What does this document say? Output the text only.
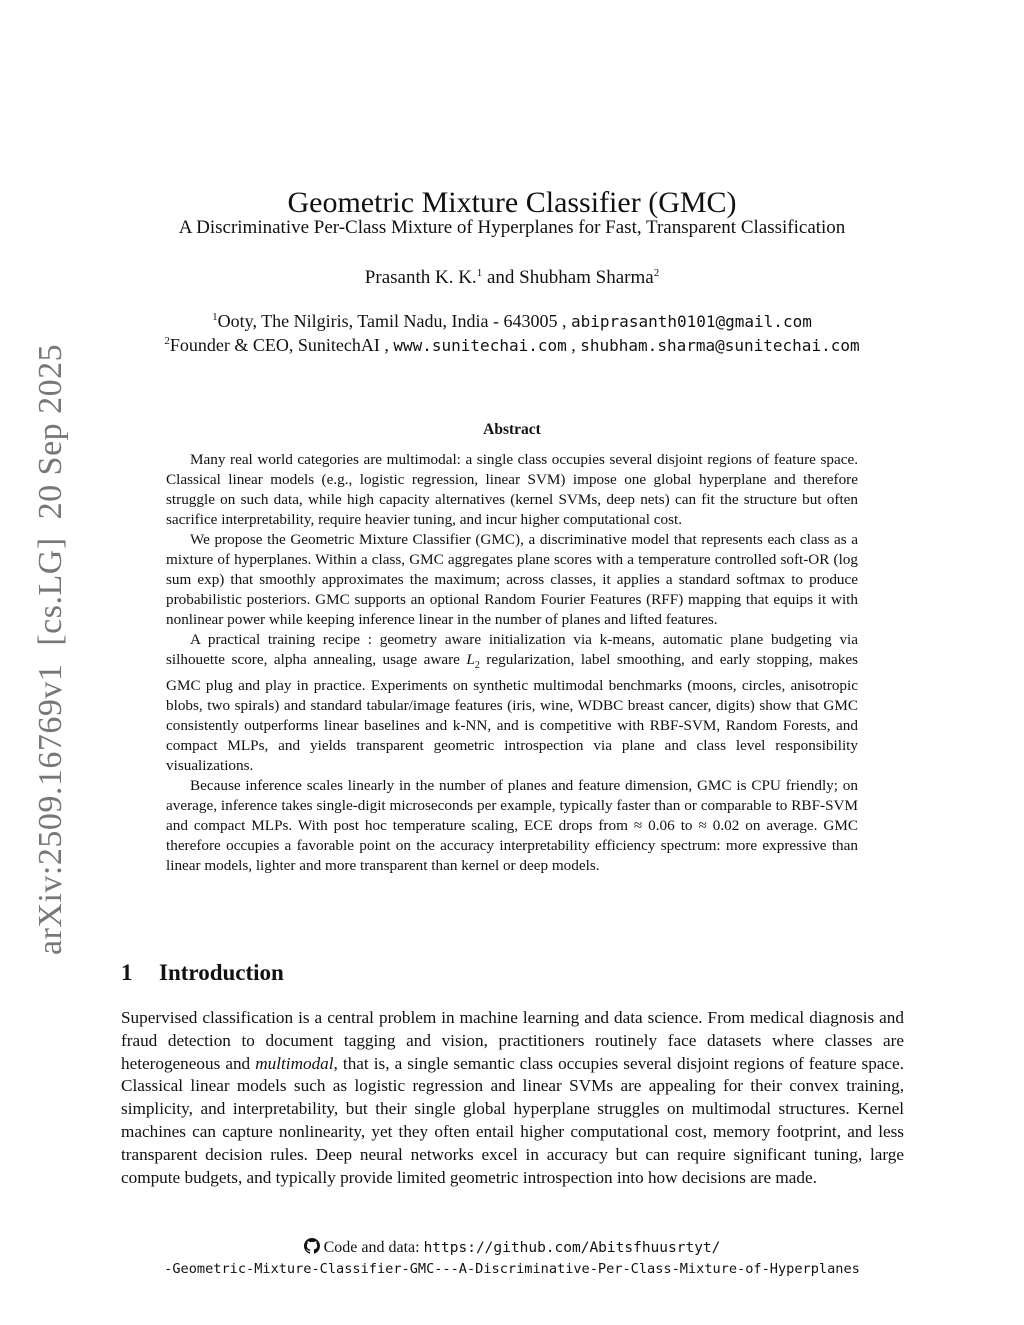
arXiv:2509.16769v1[cs.LG]20 Sep 2025
Geometric Mixture Classifier (GMC)
A Discriminative Per-Class Mixture of Hyperplanes for Fast, Transparent Classification
Prasanth K. K.$^1$ and Shubham Sharma$^2$
$^1$Ooty, The Nilgiris, Tamil Nadu, India - 643005 , abiprasanth0101@gmail.com
$^2$Founder & CEO, SunitechAI , www.sunitechai.com , shubham.sharma@sunitechai.com
Abstract

Many real world categories are multimodal: a single class occupies several disjoint regions of feature space. Classical linear models (e.g., logistic regression, linear SVM) impose one global hyperplane and therefore struggle on such data, while high capacity alternatives (kernel SVMs, deep nets) can fit the structure but often sacrifice interpretability, require heavier tuning, and incur higher computational cost.

We propose the Geometric Mixture Classifier (GMC), a discriminative model that represents each class as a mixture of hyperplanes. Within a class, GMC aggregates plane scores with a temperature controlled soft-OR (log sum exp) that smoothly approximates the maximum; across classes, it applies a standard softmax to produce probabilistic posteriors. GMC supports an optional Random Fourier Features (RFF) mapping that equips it with nonlinear power while keeping inference linear in the number of planes and lifted features.

A practical training recipe : geometry aware initialization via k-means, automatic plane budgeting via silhouette score, alpha annealing, usage aware $L_2$ regularization, label smoothing, and early stopping, makes GMC plug and play in practice. Experiments on synthetic multimodal benchmarks (moons, circles, anisotropic blobs, two spirals) and standard tabular/image features (iris, wine, WDBC breast cancer, digits) show that GMC consistently outperforms linear baselines and k-NN, and is competitive with RBF-SVM, Random Forests, and compact MLPs, and yields transparent geometric introspection via plane and class level responsibility visualizations.

Because inference scales linearly in the number of planes and feature dimension, GMC is CPU friendly; on average, inference takes single-digit microseconds per example, typically faster than or comparable to RBF-SVM and compact MLPs. With post hoc temperature scaling, ECE drops from ≈ 0.06 to ≈ 0.02 on average. GMC therefore occupies a favorable point on the accuracy interpretability efficiency spectrum: more expressive than linear models, lighter and more transparent than kernel or deep models.

1 Introduction

Supervised classification is a central problem in machine learning and data science. From medical diagnosis and fraud detection to document tagging and vision, practitioners routinely face datasets where classes are heterogeneous and multimodal, that is, a single semantic class occupies several disjoint regions of feature space. Classical linear models such as logistic regression and linear SVMs are appealing for their convex training, simplicity, and interpretability, but their single global hyperplane struggles on multimodal structures. Kernel machines can capture nonlinearity, yet they often entail higher computational cost, memory footprint, and less transparent decision rules. Deep neural networks excel in accuracy but can require significant tuning, large compute budgets, and typically provide limited geometric introspection into how decisions are made.

Code and data: https://github.com/Abitsfhuusrtyt/
-Geometric-Mixture-Classifier-GMC---A-Discriminative-Per-Class-Mixture-of-Hyperplanes
